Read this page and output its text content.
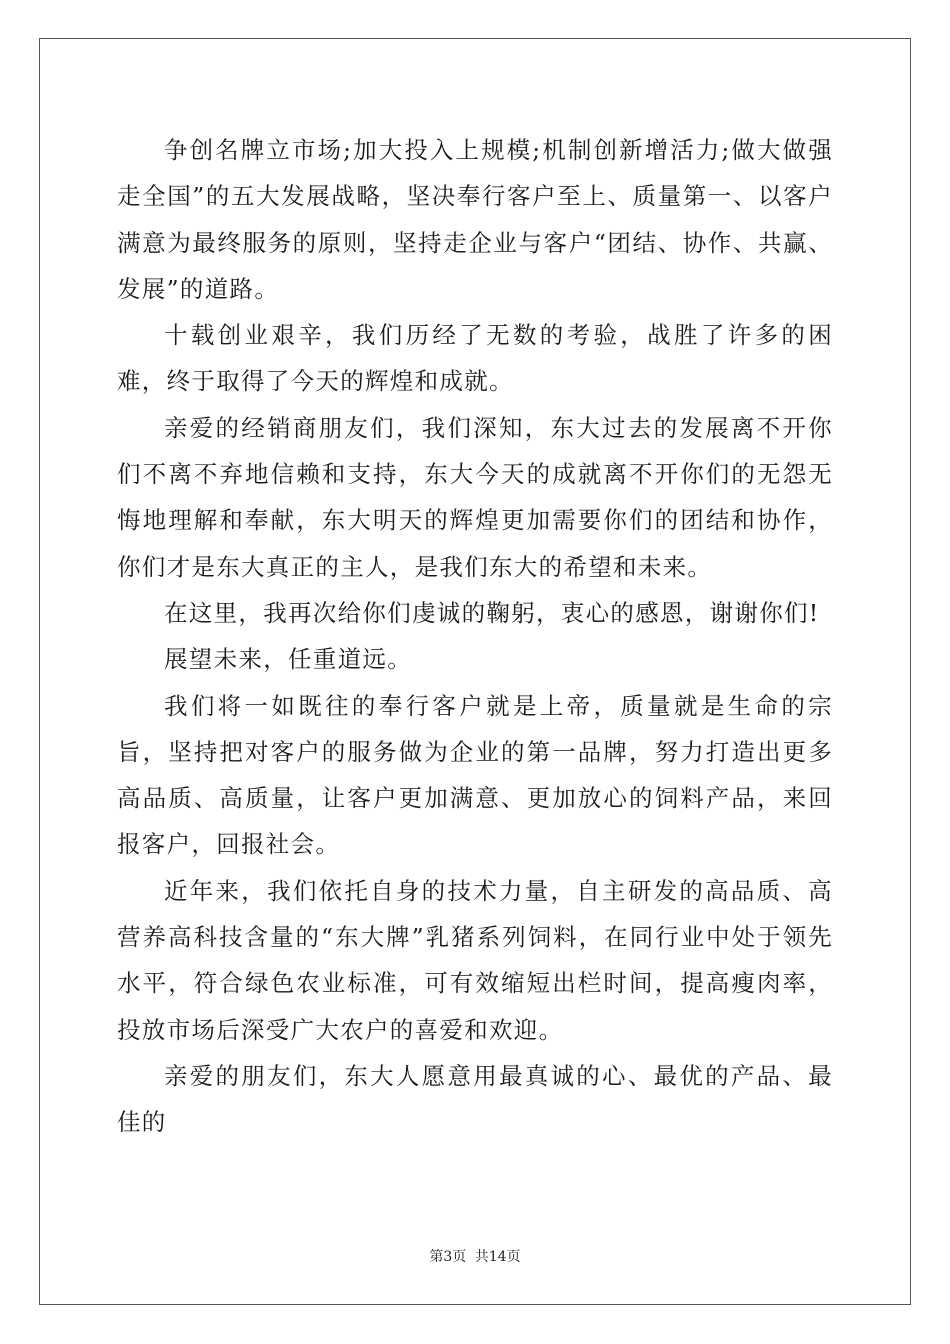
争创名牌立市场;加大投入上规模;机制创新增活力;做大做强走全国”的五大发展战略，坚决奉行客户至上、质量第一、以客户满意为最终服务的原则，坚持走企业与客户“团结、协作、共赢、发展”的道路。

十载创业艰辛，我们历经了无数的考验，战胜了许多的困难，终于取得了今天的辉煌和成就。

亲爱的经销商朋友们，我们深知，东大过去的发展离不开你们不离不弃地信赖和支持，东大今天的成就离不开你们的无怨无悔地理解和奉献，东大明天的辉煌更加需要你们的团结和协作，你们才是东大真正的主人，是我们东大的希望和未来。

在这里，我再次给你们虔诚的鞠躬，衷心的感恩，谢谢你们!

展望未来，任重道远。

我们将一如既往的奉行客户就是上帝，质量就是生命的宗旨，坚持把对客户的服务做为企业的第一品牌，努力打造出更多高品质、高质量，让客户更加满意、更加放心的饲料产品，来回报客户，回报社会。

近年来，我们依托自身的技术力量，自主研发的高品质、高营养高科技含量的“东大牌”乳猪系列饲料，在同行业中处于领先水平，符合绿色农业标准，可有效缩短出栏时间，提高瘦肉率，投放市场后深受广大农户的喜爱和欢迎。

亲爱的朋友们，东大人愿意用最真诚的心、最优的产品、最佳的

第3页 共14页
